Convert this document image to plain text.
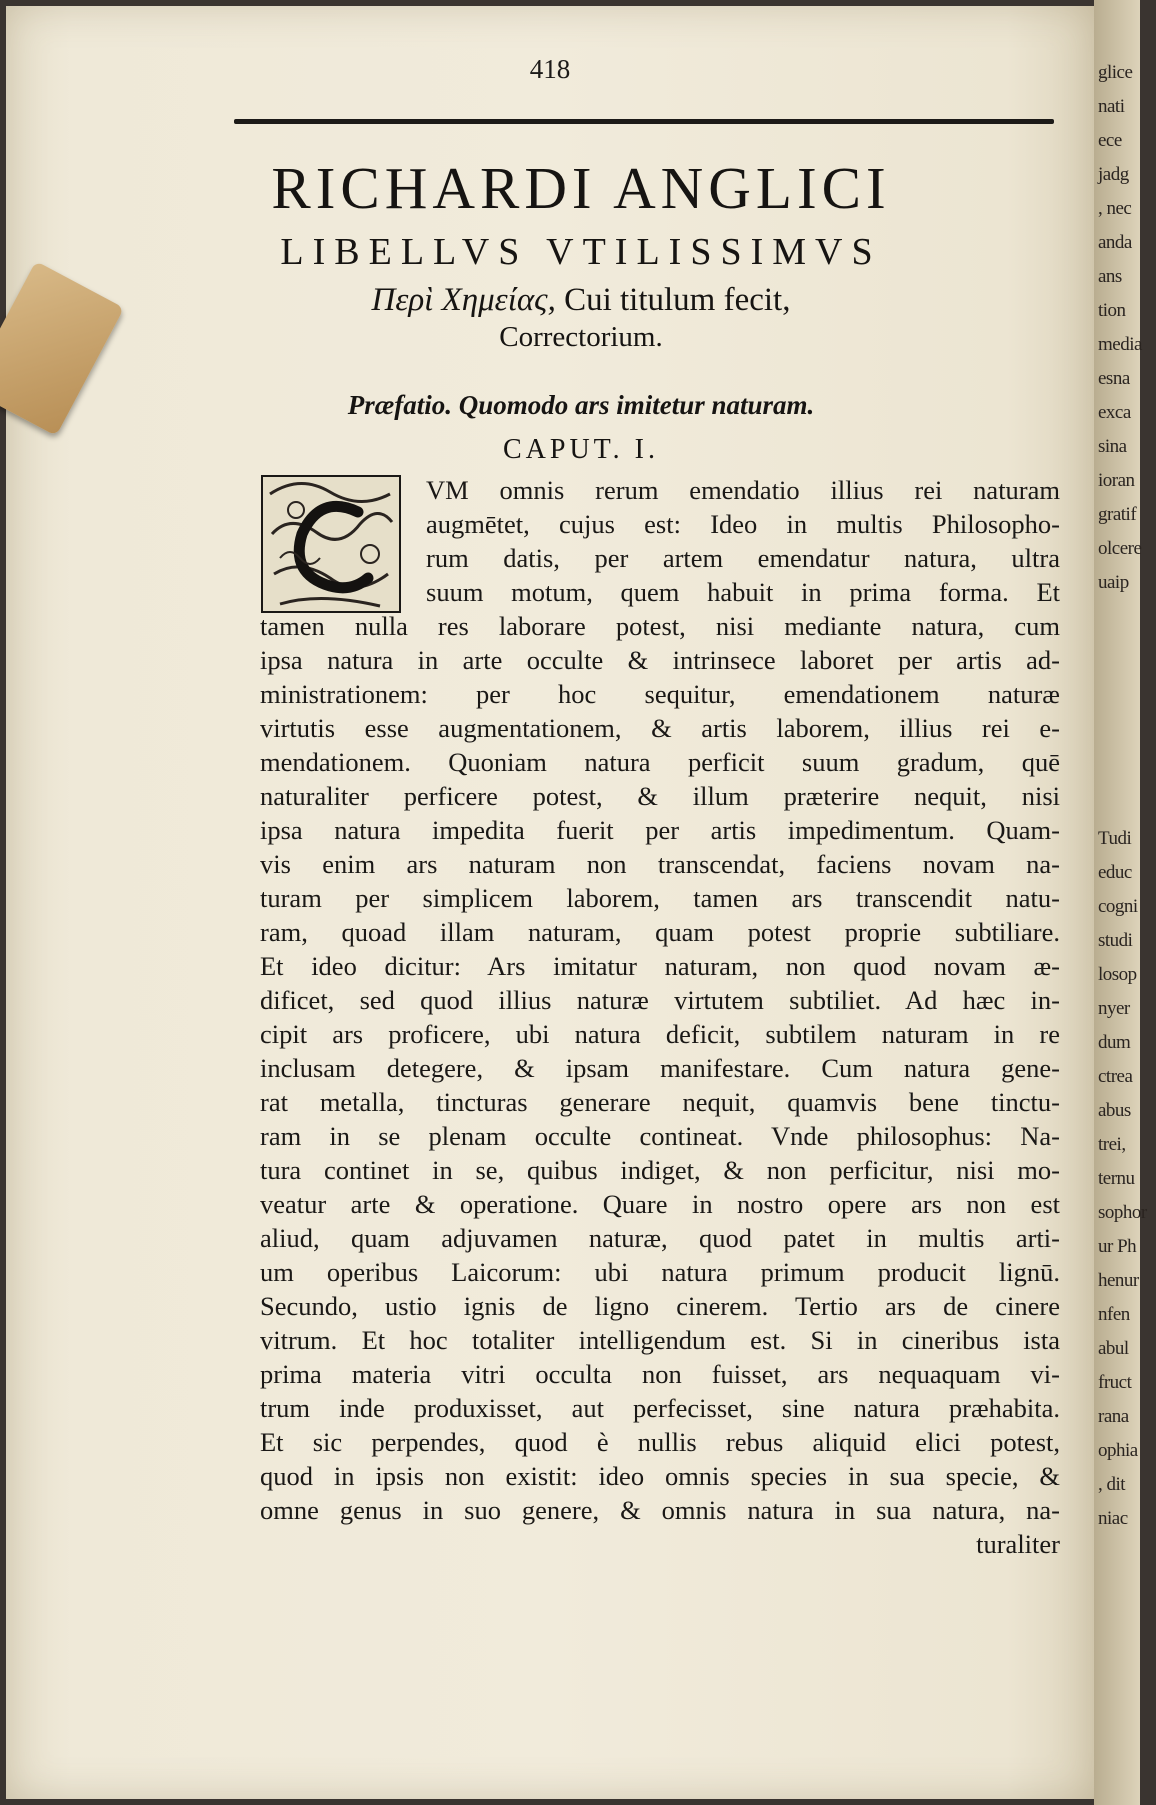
418
RICHARDI ANGLICI
LIBELLVS VTILISSIMVS
Περὶ Χημείας, Cui titulum fecit,
Correctorium.
Præfatio. Quomodo ars imitetur naturam.
CAPUT. I.
VM omnis rerum emendatio illius rei naturam
augmētet, cujus est: Ideo in multis Philosopho-
rum datis, per artem emendatur natura, ultra
suum motum, quem habuit in prima forma. Et
tamen nulla res laborare potest, nisi mediante natura, cum
ipsa natura in arte occulte & intrinsece laboret per artis ad-
ministrationem: per hoc sequitur, emendationem naturæ
virtutis esse augmentationem, & artis laborem, illius rei e-
mendationem. Quoniam natura perficit suum gradum, quē
naturaliter perficere potest, & illum præterire nequit, nisi
ipsa natura impedita fuerit per artis impedimentum. Quam-
vis enim ars naturam non transcendat, faciens novam na-
turam per simplicem laborem, tamen ars transcendit natu-
ram, quoad illam naturam, quam potest proprie subtiliare.
Et ideo dicitur: Ars imitatur naturam, non quod novam æ-
dificet, sed quod illius naturæ virtutem subtiliet. Ad hæc in-
cipit ars proficere, ubi natura deficit, subtilem naturam in re
inclusam detegere, & ipsam manifestare. Cum natura gene-
rat metalla, tincturas generare nequit, quamvis bene tinctu-
ram in se plenam occulte contineat. Vnde philosophus: Na-
tura continet in se, quibus indiget, & non perficitur, nisi mo-
veatur arte & operatione. Quare in nostro opere ars non est
aliud, quam adjuvamen naturæ, quod patet in multis arti-
um operibus Laicorum: ubi natura primum producit lignū.
Secundo, ustio ignis de ligno cinerem. Tertio ars de cinere
vitrum. Et hoc totaliter intelligendum est. Si in cineribus ista
prima materia vitri occulta non fuisset, ars nequaquam vi-
trum inde produxisset, aut perfecisset, sine natura præhabita.
Et sic perpendes, quod è nullis rebus aliquid elici potest,
quod in ipsis non existit: ideo omnis species in sua specie, &
omne genus in suo genere, & omnis natura in sua natura, na-
turaliter
glice
nati
ece
jadg
, nec
anda
ans
tion
media
esna
exca
sina
ioran
gratif
olcere
uaip
Tudi
educ
cogni
studi
losop
nyer
dum
ctrea
abus
trei,
ternu
sophor
ur Ph
henur
nfen
abul
fruct
rana
ophia
, dit
niac
